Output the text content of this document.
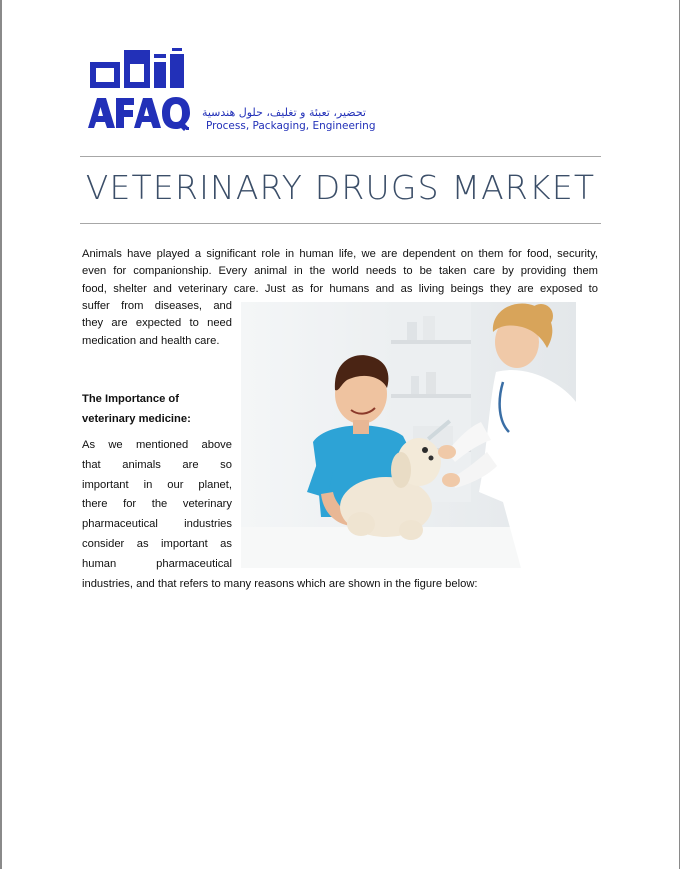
تحضير، تعبئة و تغليف، حلول هندسية
Process, Packaging, Engineering
VETERINARY DRUGS MARKET
Animals have played a significant role in human life, we are dependent on them for food, security,
even for companionship. Every animal in the world needs to be taken care by providing them
food, shelter and veterinary care. Just as for humans and as living beings they are exposed to
suffer from diseases, and
they are expected to need
medication and health care.
The Importance of
veterinary medicine:
As we mentioned above
that animals are so
important in our planet,
there for the veterinary
pharmaceutical industries
consider as important as
human pharmaceutical
industries, and that refers to many reasons which are shown in the figure below:
